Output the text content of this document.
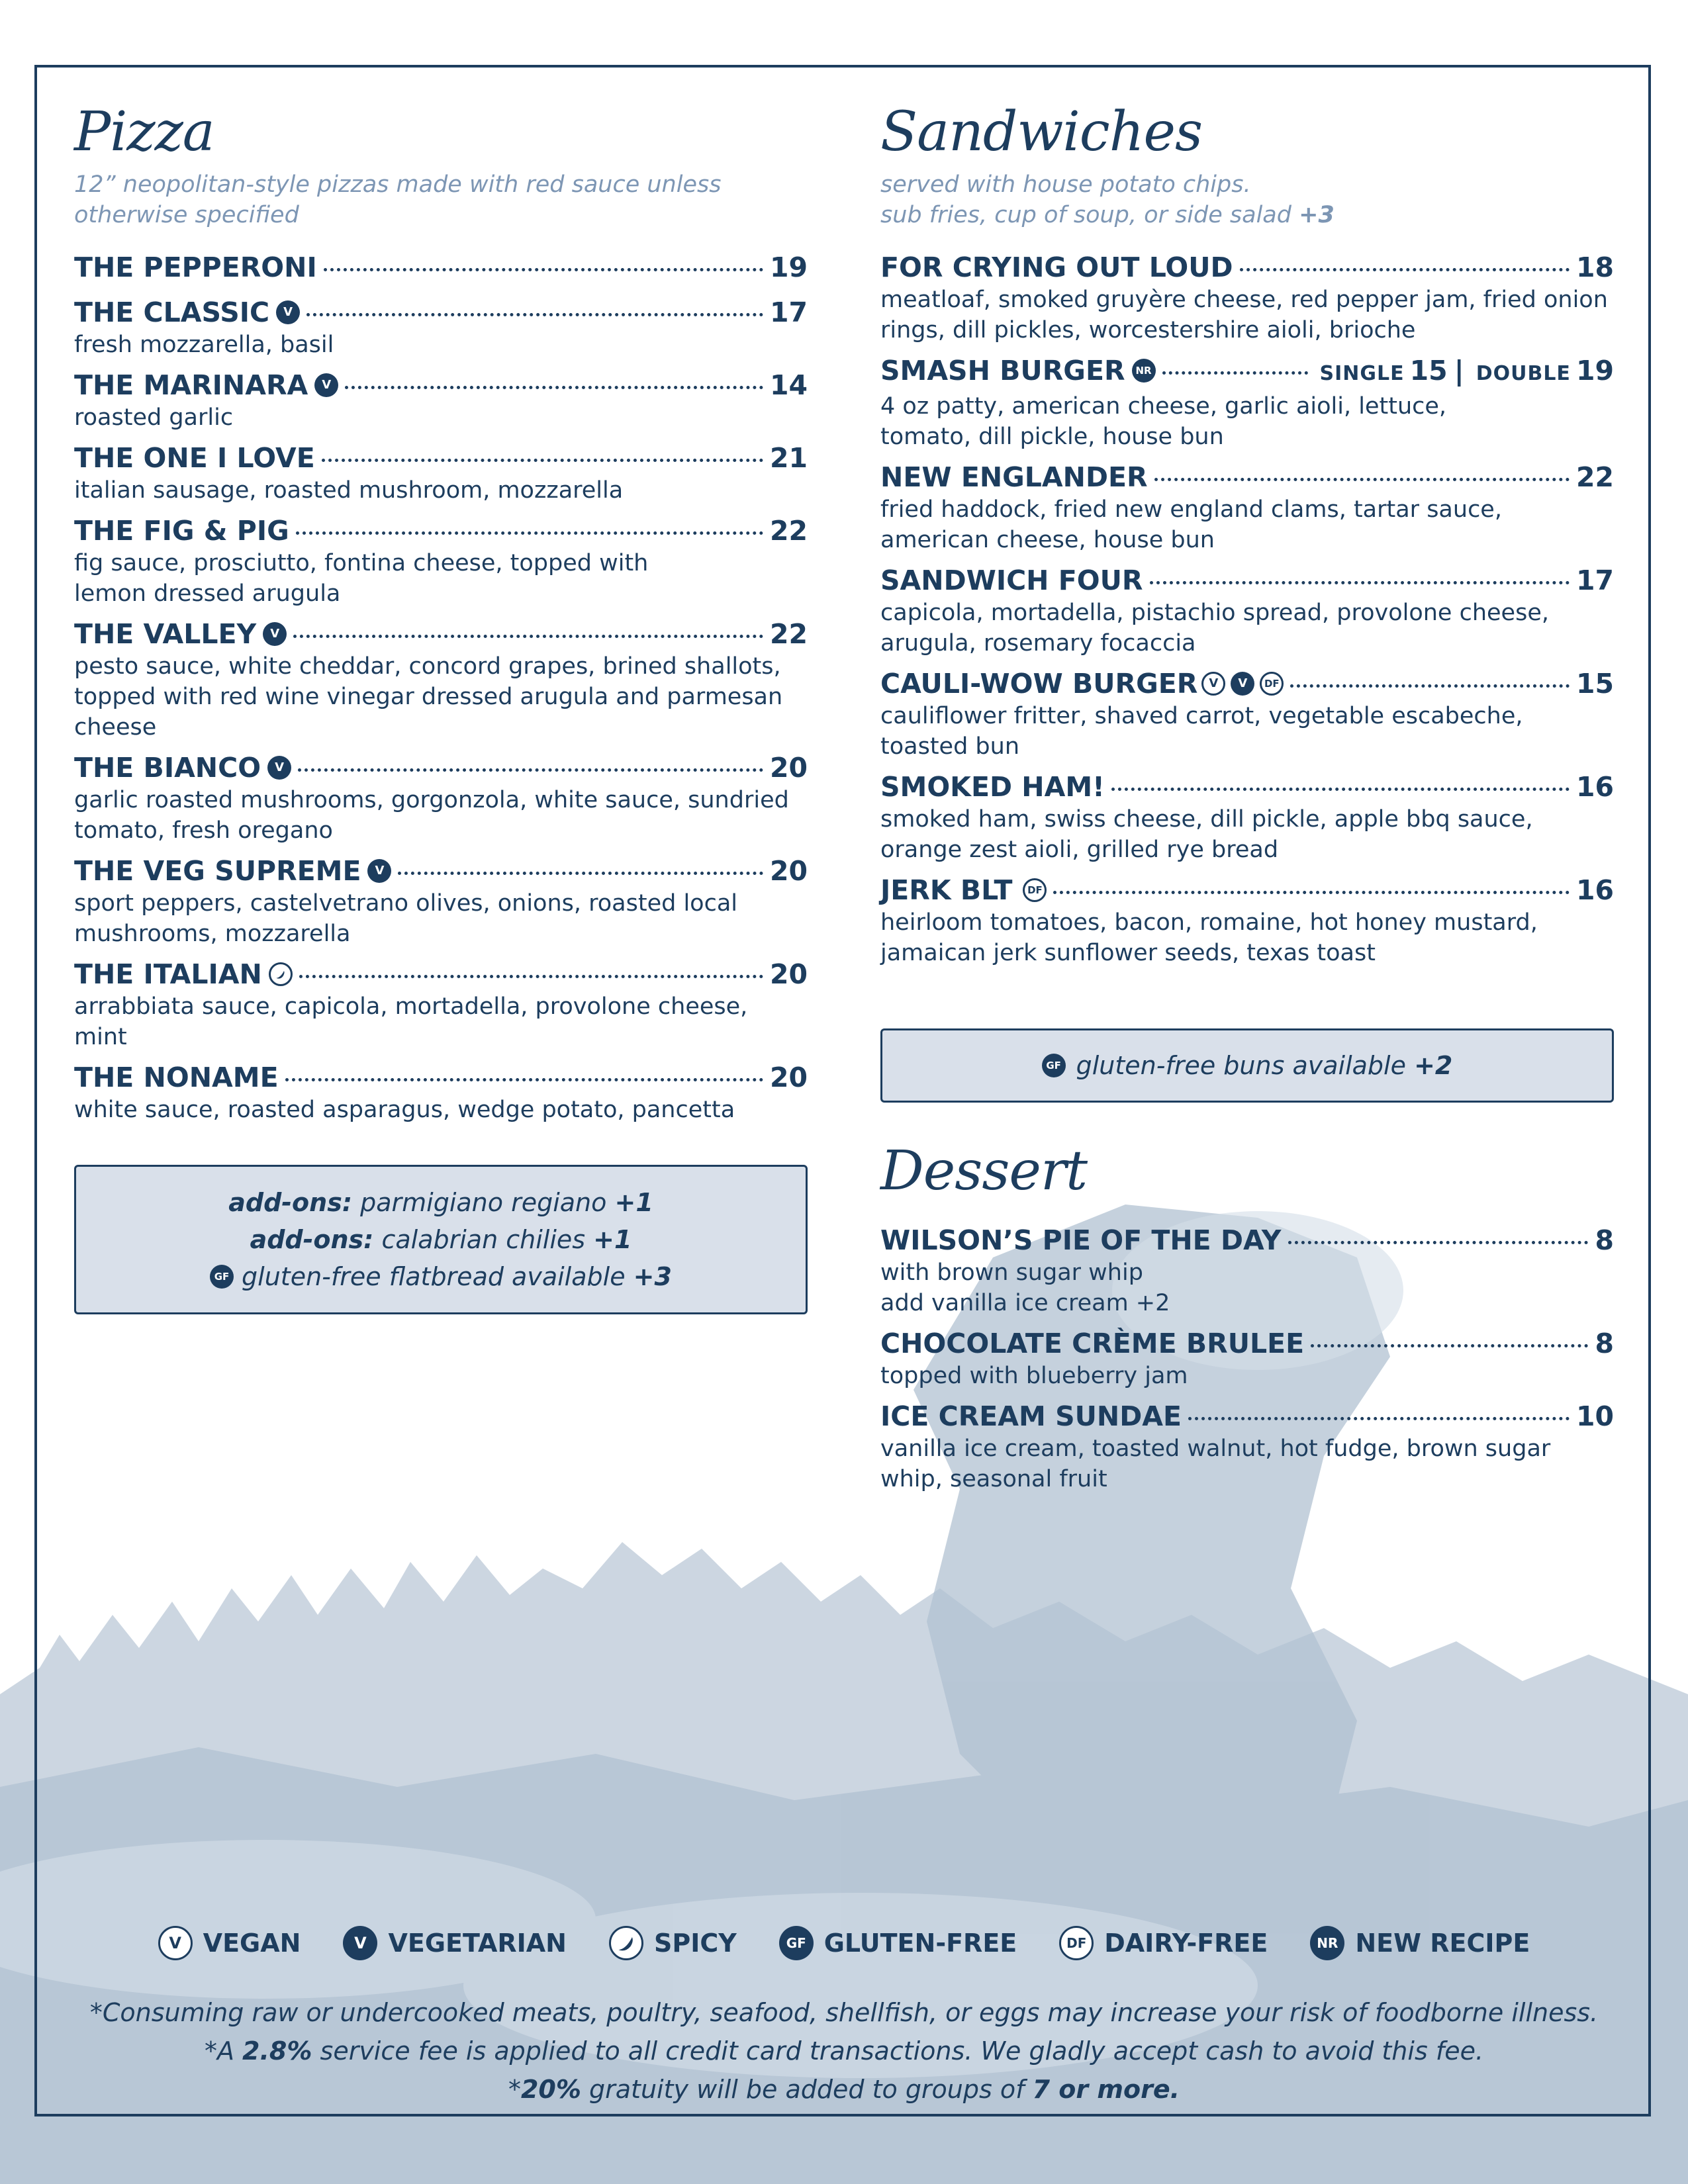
Pizza
12” neopolitan-style pizzas made with red sauce unless otherwise specified
THE PEPPERONI	19
THE CLASSIC	V	17
fresh mozzarella, basil
THE MARINARA	V	14
roasted garlic
THE ONE I LOVE	21
italian sausage, roasted mushroom, mozzarella
THE FIG & PIG	22
fig sauce, prosciutto, fontina cheese, topped with lemon dressed arugula
THE VALLEY	V	22
pesto sauce, white cheddar, concord grapes, brined shallots, topped with red wine vinegar dressed arugula and parmesan cheese
THE BIANCO	V	20
garlic roasted mushrooms, gorgonzola, white sauce, sundried tomato, fresh oregano
THE VEG SUPREME	V	20
sport peppers, castelvetrano olives, onions, roasted local mushrooms, mozzarella
THE ITALIAN	20
arrabbiata sauce, capicola, mortadella, provolone cheese, mint
THE NONAME	20
white sauce, roasted asparagus, wedge potato, pancetta
add-ons: parmigiano regiano +1
add-ons: calabrian chilies +1
GF gluten-free flatbread available
+3
Sandwiches
served with house potato chips.
sub fries, cup of soup, or side salad +3
FOR CRYING OUT LOUD	18
meatloaf, smoked gruyère cheese, red pepper jam, fried onion rings, dill pickles, worcestershire aioli, brioche
SMASH BURGER	NR	SINGLE 15 | DOUBLE 19
4 oz patty, american cheese, garlic aioli, lettuce, tomato, dill pickle, house bun
NEW ENGLANDER	22
fried haddock, fried new england clams, tartar sauce, american cheese, house bun
SANDWICH FOUR	17
capicola, mortadella, pistachio spread, provolone cheese, arugula, rosemary focaccia
CAULI-WOW BURGER V	V	DF	15
cauliflower fritter, shaved carrot, vegetable escabeche, toasted bun
SMOKED HAM!	16
smoked ham, swiss cheese, dill pickle, apple bbq sauce, orange zest aioli, grilled rye bread
JERK BLT	DF	16
heirloom tomatoes, bacon, romaine, hot honey mustard, jamaican jerk sunflower seeds, texas toast
GF gluten-free buns available
+2
Dessert
WILSON’S PIE OF THE DAY	8
with brown sugar whip
add vanilla ice cream +2
CHOCOLATE CRÈME BRULEE	8
topped with blueberry jam
ICE CREAM SUNDAE	10
vanilla ice cream, toasted walnut, hot fudge, brown sugar whip, seasonal fruit
V VEGAN	V VEGETARIAN	SPICY	GF GLUTEN-FREE	DF DAIRY-FREE	NR NEW RECIPE
*Consuming raw or undercooked meats, poultry, seafood, shellfish, or eggs may increase your risk of foodborne illness.
*A 2.8% service fee is applied to all credit card transactions. We gladly accept cash to avoid this fee.
*20% gratuity will be added to groups of 7 or more.
